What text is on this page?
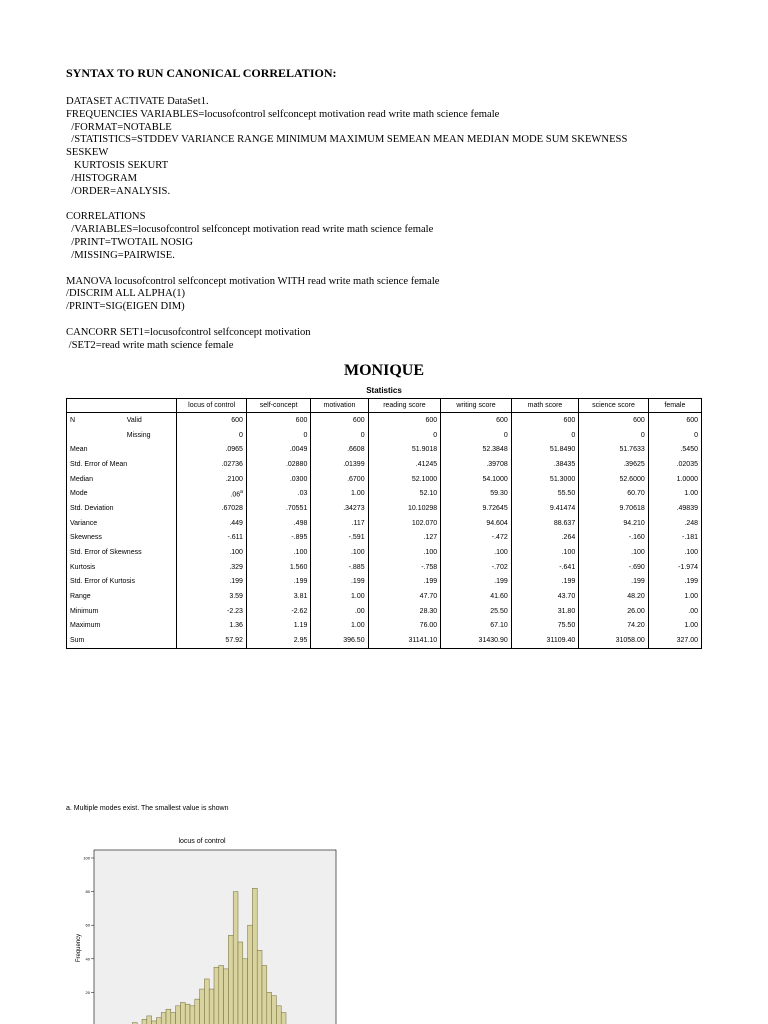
SYNTAX TO RUN CANONICAL CORRELATION:
DATASET ACTIVATE DataSet1.
FREQUENCIES VARIABLES=locusofcontrol selfconcept motivation read write math science female
/FORMAT=NOTABLE
/STATISTICS=STDDEV VARIANCE RANGE MINIMUM MAXIMUM SEMEAN MEAN MEDIAN MODE SUM SKEWNESS
SESKEW
KURTOSIS SEKURT
/HISTOGRAM
/ORDER=ANALYSIS.
CORRELATIONS
/VARIABLES=locusofcontrol selfconcept motivation read write math science female
/PRINT=TWOTAIL NOSIG
/MISSING=PAIRWISE.
MANOVA locusofcontrol selfconcept motivation WITH read write math science female
/DISCRIM ALL ALPHA(1)
/PRINT=SIG(EIGEN DIM)
CANCORR SET1=locusofcontrol selfconcept motivation
/SET2=read write math science female
MONIQUE
Statistics
		locus of control	self-concept	motivation	reading score	writing score	math score	science score	female
N	Valid	600	600	600	600	600	600	600	600
	Missing	0	0	0	0	0	0	0	0
Mean		.0965	.0049	.6608	51.9018	52.3848	51.8490	51.7633	.5450
Std. Error of Mean		.02736	.02880	.01399	.41245	.39708	.38435	.39625	.02035
Median		.2100	.0300	.6700	52.1000	54.1000	51.3000	52.6000	1.0000
Mode		.06$^a$	.03	1.00	52.10	59.30	55.50	60.70	1.00
Std. Deviation		.67028	.70551	.34273	10.10298	9.72645	9.41474	9.70618	.49839
Variance		.449	.498	.117	102.070	94.604	88.637	94.210	.248
Skewness		-.611	-.895	-.591	.127	-.472	.264	-.160	-.181
Std. Error of Skewness		.100	.100	.100	.100	.100	.100	.100	.100
Kurtosis		.329	1.560	-.885	-.758	-.702	-.641	-.690	-1.974
Std. Error of Kurtosis		.199	.199	.199	.199	.199	.199	.199	.199
Range		3.59	3.81	1.00	47.70	41.60	43.70	48.20	1.00
Minimum		-2.23	-2.62	.00	28.30	25.50	31.80	26.00	.00
Maximum		1.36	1.19	1.00	76.00	67.10	75.50	74.20	1.00
Sum		57.92	2.95	396.50	31141.10	31430.90	31109.40	31058.00	327.00
a. Multiple modes exist. The smallest value is shown
locus of control
Frequency
100
80
60
40
20
